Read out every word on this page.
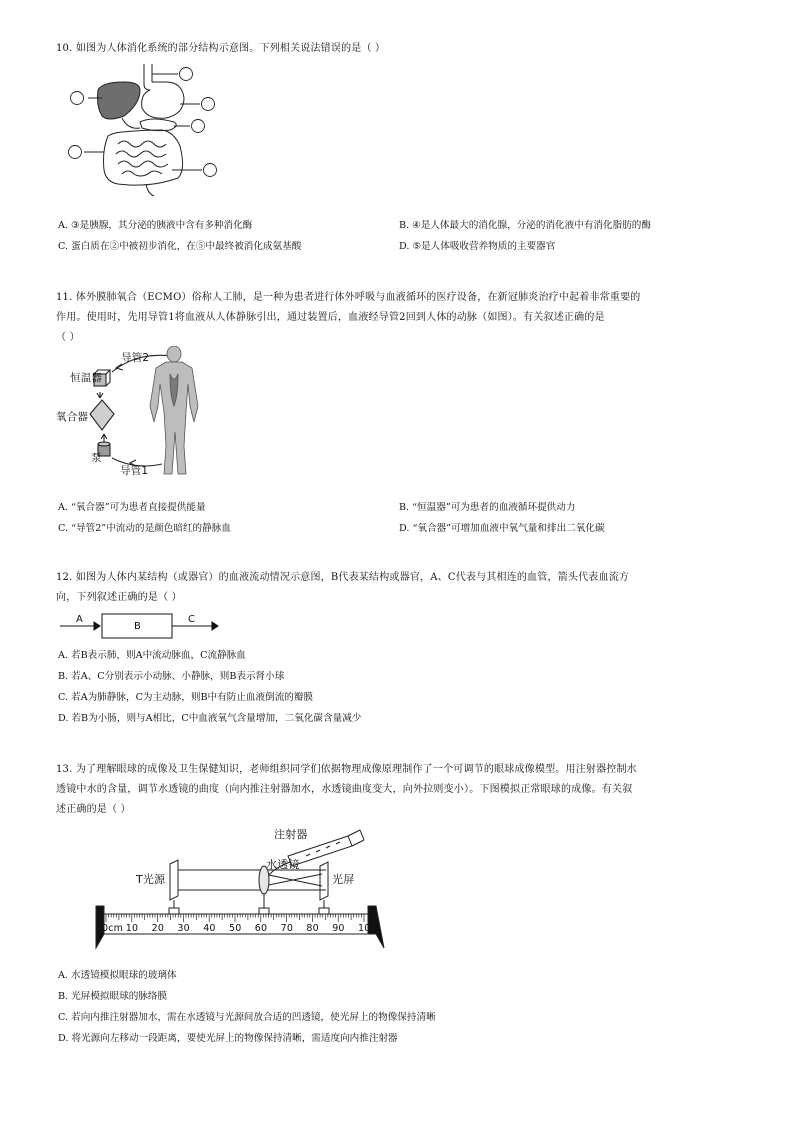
10. 如图为人体消化系统的部分结构示意图。下列相关说法错误的是（ ）
A. ③是胰腺，其分泌的胰液中含有多种消化酶	B. ④是人体最大的消化腺，分泌的消化液中有消化脂肪的酶
C. 蛋白质在②中被初步消化，在⑤中最终被消化成氨基酸	D. ⑤是人体吸收营养物质的主要器官
11. 体外膜肺氧合（ECMO）俗称人工肺，是一种为患者进行体外呼吸与血液循环的医疗设备，在新冠肺炎治疗中起着非常重要的
作用。使用时，先用导管1将血液从人体静脉引出，通过装置后，血液经导管2回到人体的动脉（如图）。有关叙述正确的是
（ ）
导管2
恒温器
氧合器
泵
导管1
A. “氧合器”可为患者直接提供能量	B. “恒温器”可为患者的血液循环提供动力
C. “导管2”中流动的是颜色暗红的静脉血	D. “氧合器”可增加血液中氧气量和排出二氧化碳
12. 如图为人体内某结构（或器官）的血液流动情况示意图，B代表某结构或器官，A、C代表与其相连的血管，箭头代表血流方
向，下列叙述正确的是（ ）
A
B
C
A. 若B表示肺，则A中流动脉血，C流静脉血
B. 若A、C分别表示小动脉、小静脉，则B表示肾小球
C. 若A为肺静脉，C为主动脉，则B中有防止血液倒流的瓣膜
D. 若B为小肠，则与A相比，C中血液氧气含量增加，二氧化碳含量减少
13. 为了理解眼球的成像及卫生保健知识，老师组织同学们依据物理成像原理制作了一个可调节的眼球成像模型。用注射器控制水
透镜中水的含量，调节水透镜的曲度（向内推注射器加水，水透镜曲度变大，向外拉则变小）。下图模拟正常眼球的成像。有关叙
述正确的是（ ）
注射器
T光源
水透镜
光屏
0cm 10 20 30 40 50 60 70 80 90 100
A. 水透镜模拟眼球的玻璃体
B. 光屏模拟眼球的脉络膜
C. 若向内推注射器加水，需在水透镜与光源间放合适的凹透镜，使光屏上的物像保持清晰
D. 将光源向左移动一段距离，要使光屏上的物像保持清晰，需适度向内推注射器
